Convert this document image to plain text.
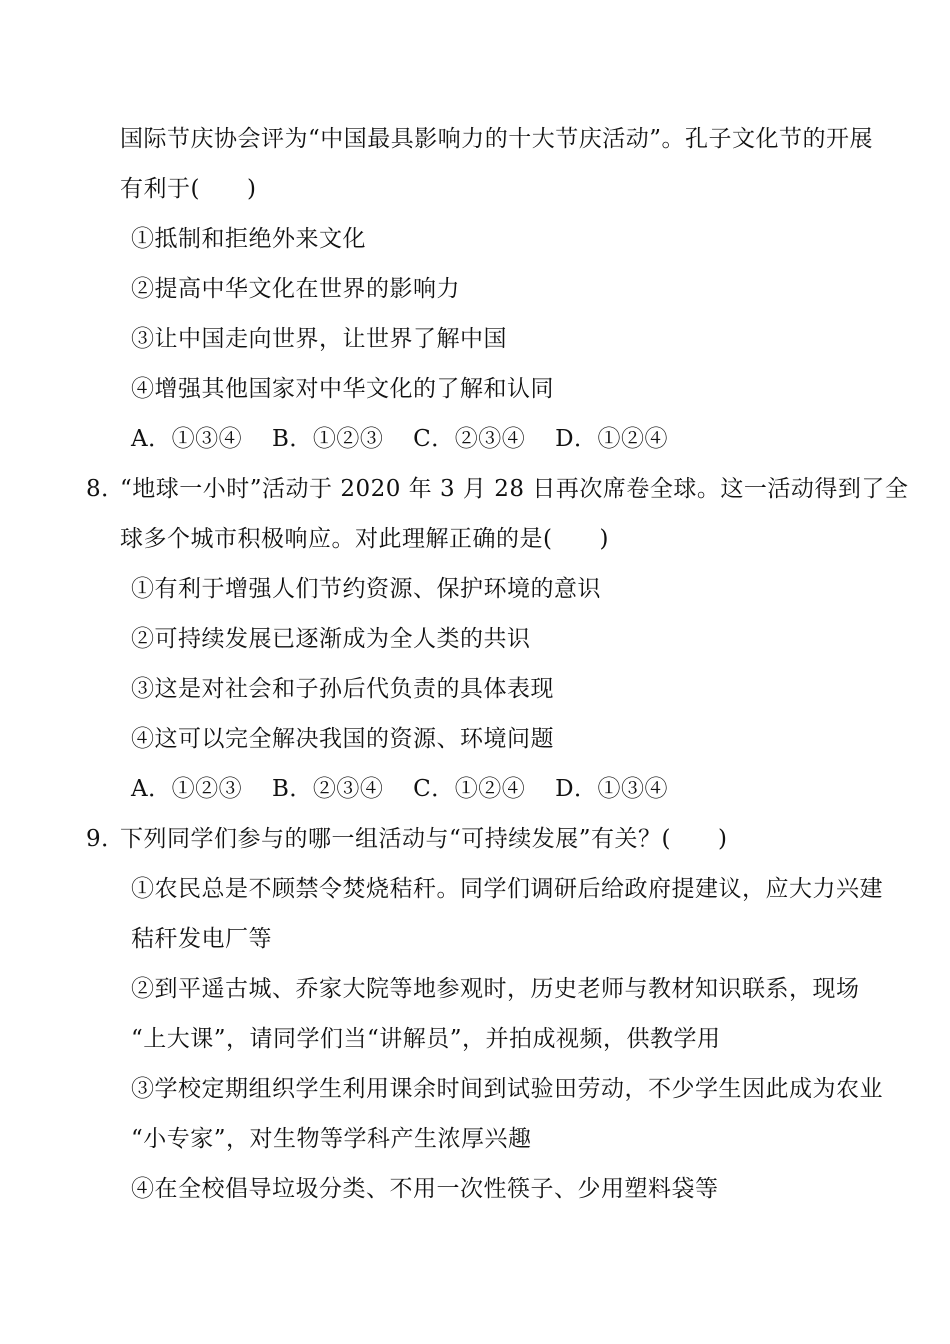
国际节庆协会评为“中国最具影响力的十大节庆活动”。孔子文化节的开展
有利于(　　)
①抵制和拒绝外来文化
②提高中华文化在世界的影响力
③让中国走向世界，让世界了解中国
④增强其他国家对中华文化的了解和认同
A．①③④ B．①②③ C．②③④ D．①②④
8．“地球一小时”活动于 2020 年 3 月 28 日再次席卷全球。这一活动得到了全
球多个城市积极响应。对此理解正确的是(　　)
①有利于增强人们节约资源、保护环境的意识
②可持续发展已逐渐成为全人类的共识
③这是对社会和子孙后代负责的具体表现
④这可以完全解决我国的资源、环境问题
A．①②③ B．②③④ C．①②④ D．①③④
9．下列同学们参与的哪一组活动与“可持续发展”有关？(　　)
①农民总是不顾禁令焚烧秸秆。同学们调研后给政府提建议，应大力兴建
秸秆发电厂等
②到平遥古城、乔家大院等地参观时，历史老师与教材知识联系，现场
“上大课”，请同学们当“讲解员”，并拍成视频，供教学用
③学校定期组织学生利用课余时间到试验田劳动，不少学生因此成为农业
“小专家”，对生物等学科产生浓厚兴趣
④在全校倡导垃圾分类、不用一次性筷子、少用塑料袋等
